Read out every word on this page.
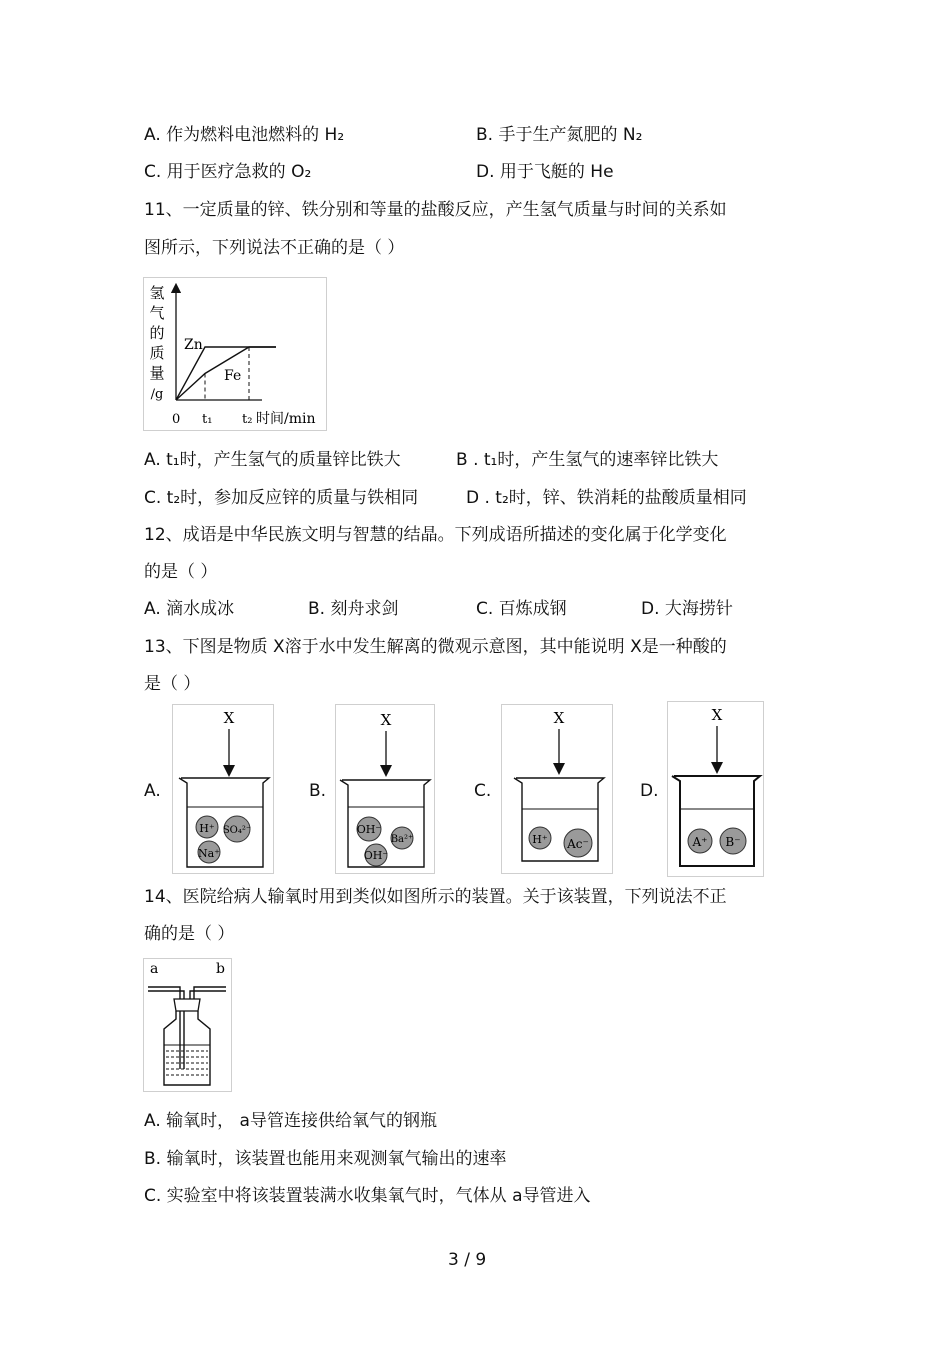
A. 作为燃料电池燃料的 H₂	B. 手于生产氮肥的 N₂
C. 用于医疗急救的 O₂	D. 用于飞艇的 He
11、一定质量的锌、铁分别和等量的盐酸反应，产生氢气质量与时间的关系如
图所示，下列说法不正确的是（ ）
氢
气
的
质
量
/g
Zn
Fe
0 t₁ t₂ 时间/min
A. t₁时，产生氢气的质量锌比铁大	B . t₁时，产生氢气的速率锌比铁大
C. t₂时，参加反应锌的质量与铁相同	D . t₂时，锌、铁消耗的盐酸质量相同
12、成语是中华民族文明与智慧的结晶。下列成语所描述的变化属于化学变化
的是（ ）
A. 滴水成冰	B. 刻舟求剑	C. 百炼成钢	D. 大海捞针
13、下图是物质 X溶于水中发生解离的微观示意图，其中能说明 X是一种酸的
是（ ）
A.	B.	C.	D.
X
H⁺ SO₄²⁻
Na⁺
X
OH⁻
Ba²⁺
OH⁻
X
H⁺ Ac⁻
X
A⁺ B⁻
14、医院给病人输氧时用到类似如图所示的装置。关于该装置，下列说法不正
确的是（ ）
a	b
A. 输氧时， a导管连接供给氧气的钢瓶
B. 输氧时，该装置也能用来观测氧气输出的速率
C. 实验室中将该装置装满水收集氧气时，气体从 a导管进入
3 / 9
